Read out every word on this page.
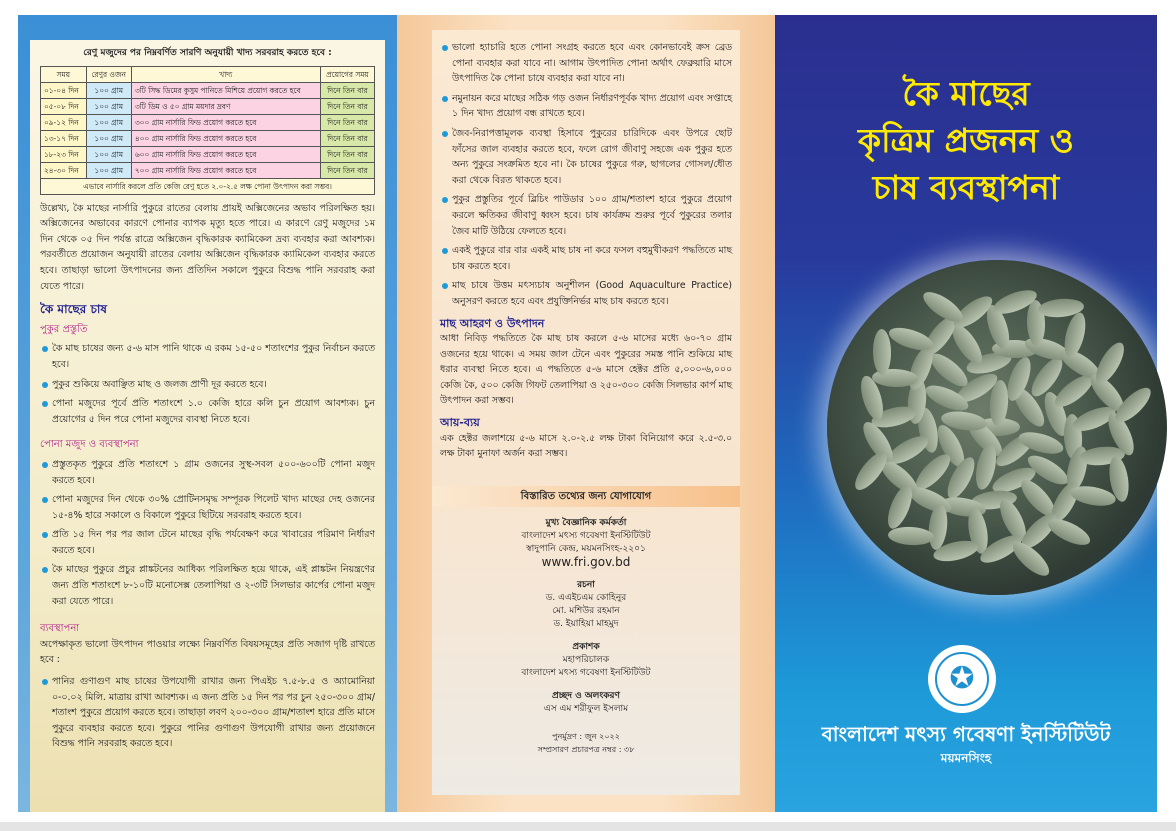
রেণু মজুদের পর নিম্নবর্ণিত সারণি অনুযায়ী খাদ্য সরবরাহ করতে হবে :
সময়	রেণুর ওজন	খাদ্য	প্রয়োগের সময়
০১-০৪ দিন	১০০ গ্রাম	৩টি সিদ্ধ ডিমের কুসুম পানিতে মিশিয়ে প্রয়োগ করতে হবে	দিনে তিন বার
০৫-০৮ দিন	১০০ গ্রাম	৩টি ডিম ও ৫০ গ্রাম ময়দার দ্রবণ	দিনে তিন বার
০৯-১২ দিন	১০০ গ্রাম	৩০০ গ্রাম নার্সারি ফিড প্রয়োগ করতে হবে	দিনে তিন বার
১৩-১৭ দিন	১০০ গ্রাম	৪০০ গ্রাম নার্সারি ফিড প্রয়োগ করতে হবে	দিনে তিন বার
১৮-২৩ দিন	১০০ গ্রাম	৬০০ গ্রাম নার্সারি ফিড প্রয়োগ করতে হবে	দিনে তিন বার
২৪-৩০ দিন	১০০ গ্রাম	৭০০ গ্রাম নার্সারি ফিড প্রয়োগ করতে হবে	দিনে তিন বার
এভাবে নার্সারি করলে প্রতি কেজি রেণু হতে ২.০-২.৫ লক্ষ পোনা উৎপাদন করা সম্ভব।			

উল্লেখ্য, কৈ মাছের নার্সারি পুকুরে রাতের বেলায় প্রায়ই অক্সিজেনের অভাব পরিলক্ষিত হয়। অক্সিজেনের অভাবের কারণে পোনার ব্যাপক মৃত্যু হতে পারে। এ কারণে রেণু মজুদের ১ম দিন থেকে ০৫ দিন পর্যন্ত রাত্রে অক্সিজেন বৃদ্ধিকারক ক্যামিকেল দ্রব্য ব্যবহার করা আবশ্যক। পরবর্তীতে প্রয়োজন অনুযায়ী রাতের বেলায় অক্সিজেন বৃদ্ধিকারক ক্যামিকেল ব্যবহার করতে হবে। তাছাড়া ভালো উৎপাদনের জন্য প্রতিদিন সকালে পুকুরে বিশুদ্ধ পানি সরবরাহ করা যেতে পারে।

কৈ মাছের চাষ
পুকুর প্রস্তুতি
কৈ মাছ চাষের জন্য ৫-৬ মাস পানি থাকে এ রকম ১৫-৫০ শতাংশের পুকুর নির্বাচন করতে হবে।
পুকুর শুকিয়ে অবাঞ্ছিত মাছ ও জলজ প্রাণী দূর করতে হবে।
পোনা মজুদের পূর্বে প্রতি শতাংশে ১.০ কেজি হারে কলি চুন প্রয়োগ আবশ্যক। চুন প্রয়োগের ৫ দিন পরে পোনা মজুদের ব্যবস্থা নিতে হবে।
পোনা মজুদ ও ব্যবস্থাপনা
প্রস্তুতকৃত পুকুরে প্রতি শতাংশে ১ গ্রাম ওজনের সুস্থ-সবল ৫০০-৬০০টি পোনা মজুদ করতে হবে।
পোনা মজুদের দিন থেকে ৩০% প্রোটিনসমৃদ্ধ সম্পূরক পিলেট খাদ্য মাছের দেহ ওজনের ১৫-৪% হারে সকালে ও বিকালে পুকুরে ছিটিয়ে সরবরাহ করতে হবে।
প্রতি ১৫ দিন পর পর জাল টেনে মাছের বৃদ্ধি পর্যবেক্ষণ করে খাবারের পরিমাণ নির্ধারণ করতে হবে।
কৈ মাছের পুকুরে প্রচুর প্লাঙ্কটনের আধিক্য পরিলক্ষিত হয়ে থাকে, এই প্লাঙ্কটন নিয়ন্ত্রণের জন্য প্রতি শতাংশে ৮-১০টি মনোসেক্স তেলাপিয়া ও ২-৩টি সিলভার কার্পের পোনা মজুদ করা যেতে পারে।
ব্যবস্থাপনা

অপেক্ষাকৃত ভালো উৎপাদন পাওয়ার লক্ষ্যে নিম্নবর্ণিত বিষয়সমূহের প্রতি সজাগ দৃষ্টি রাখতে হবে :

পানির গুণাগুণ মাছ চাষের উপযোগী রাখার জন্য পিএইচ ৭.৫-৮.৫ ও অ্যামোনিয়া ০-০.০২ মিলি. মাত্রায় রাখা আবশ্যক। এ জন্য প্রতি ১৫ দিন পর পর চুন ২৫০-৩০০ গ্রাম/শতাংশ পুকুরে প্রয়োগ করতে হবে। তাছাড়া লবণ ২০০-৩০০ গ্রাম/শতাংশ হারে প্রতি মাসে পুকুরে ব্যবহার করতে হবে। পুকুরে পানির গুণাগুণ উপযোগী রাখার জন্য প্রয়োজনে বিশুদ্ধ পানি সরবরাহ করতে হবে।
ভালো হ্যাচারি হতে পোনা সংগ্রহ করতে হবে এবং কোনভাবেই ক্রস ব্রেড পোনা ব্যবহার করা যাবে না। আগাম উৎপাদিত পোনা অর্থাৎ ফেব্রুয়ারি মাসে উৎপাদিত কৈ পোনা চাষে ব্যবহার করা যাবে না।
নমুনায়ন করে মাছের সঠিক গড় ওজন নির্ধারণপূর্বক খাদ্য প্রয়োগ এবং সপ্তাহে ১ দিন খাদ্য প্রয়োগ বন্ধ রাখতে হবে।
জৈব-নিরাপত্তামূলক ব্যবস্থা হিসাবে পুকুরের চারিদিকে এবং উপরে ছোট ফাঁসের জাল ব্যবহার করতে হবে, ফলে রোগ জীবাণু সহজে এক পুকুর হতে অন্য পুকুরে সংক্রমিত হবে না। কৈ চাষের পুকুরে গরু, ছাগলের গোসল/ধৌত করা থেকে বিরত থাকতে হবে।
পুকুর প্রস্তুতির পূর্বে ব্লিচিং পাউডার ১০০ গ্রাম/শতাংশ হারে পুকুরে প্রয়োগ করলে ক্ষতিকর জীবাণু ধ্বংস হবে। চাষ কার্যক্রম শুরুর পূর্বে পুকুরের তলার জৈব মাটি উঠিয়ে ফেলতে হবে।
একই পুকুরে বার বার একই মাছ চাষ না করে ফসল বহুমুখীকরণ পদ্ধতিতে মাছ চাষ করতে হবে।
মাছ চাষে উত্তম মৎস্যচাষ অনুশীলন (Good Aquaculture Practice) অনুসরণ করতে হবে এবং প্রযুক্তিনির্ভর মাছ চাষ করতে হবে।
মাছ আহরণ ও উৎপাদন

আধা নিবিড় পদ্ধতিতে কৈ মাছ চাষ করলে ৫-৬ মাসের মধ্যে ৬০-৭০ গ্রাম ওজনের হয়ে থাকে। এ সময় জাল টেনে এবং পুকুরের সমস্ত পানি শুকিয়ে মাছ ধরার ব্যবস্থা নিতে হবে। এ পদ্ধতিতে ৫-৬ মাসে হেক্টর প্রতি ৫,০০০-৬,০০০ কেজি কৈ, ৫০০ কেজি গিফট তেলাপিয়া ও ২৫০-৩০০ কেজি সিলভার কার্প মাছ উৎপাদন করা সম্ভব।

আয়-ব্যয়

এক হেক্টর জলাশয়ে ৫-৬ মাসে ২.০-২.৫ লক্ষ টাকা বিনিয়োগ করে ২.৫-৩.০ লক্ষ টাকা মুনাফা অর্জন করা সম্ভব।

বিস্তারিত তথ্যের জন্য যোগাযোগ
মুখ্য বৈজ্ঞানিক কর্মকর্তা
বাংলাদেশ মৎস্য গবেষণা ইনস্টিটিউট
স্বাদুপানি কেন্দ্র, ময়মনসিংহ-২২০১
www.fri.gov.bd
রচনা
ড. এএইচএম কোহিনুর
মো. মশিউর রহমান
ড. ইয়াহিয়া মাহমুদ
প্রকাশক
মহাপরিচালক
বাংলাদেশ মৎস্য গবেষণা ইনস্টিটিউট
প্রচ্ছদ ও অলংকরণ
এস এম শরীফুল ইসলাম
পুনর্মুদ্রণ : জুন ২০২২
সম্প্রসারণ প্রচারপত্র নম্বর : ৩৮
কৈ মাছের
কৃত্রিম প্রজনন ও
চাষ ব্যবস্থাপনা
✪
বাংলাদেশ মৎস্য গবেষণা ইনস্টিটিউট
ময়মনসিংহ
